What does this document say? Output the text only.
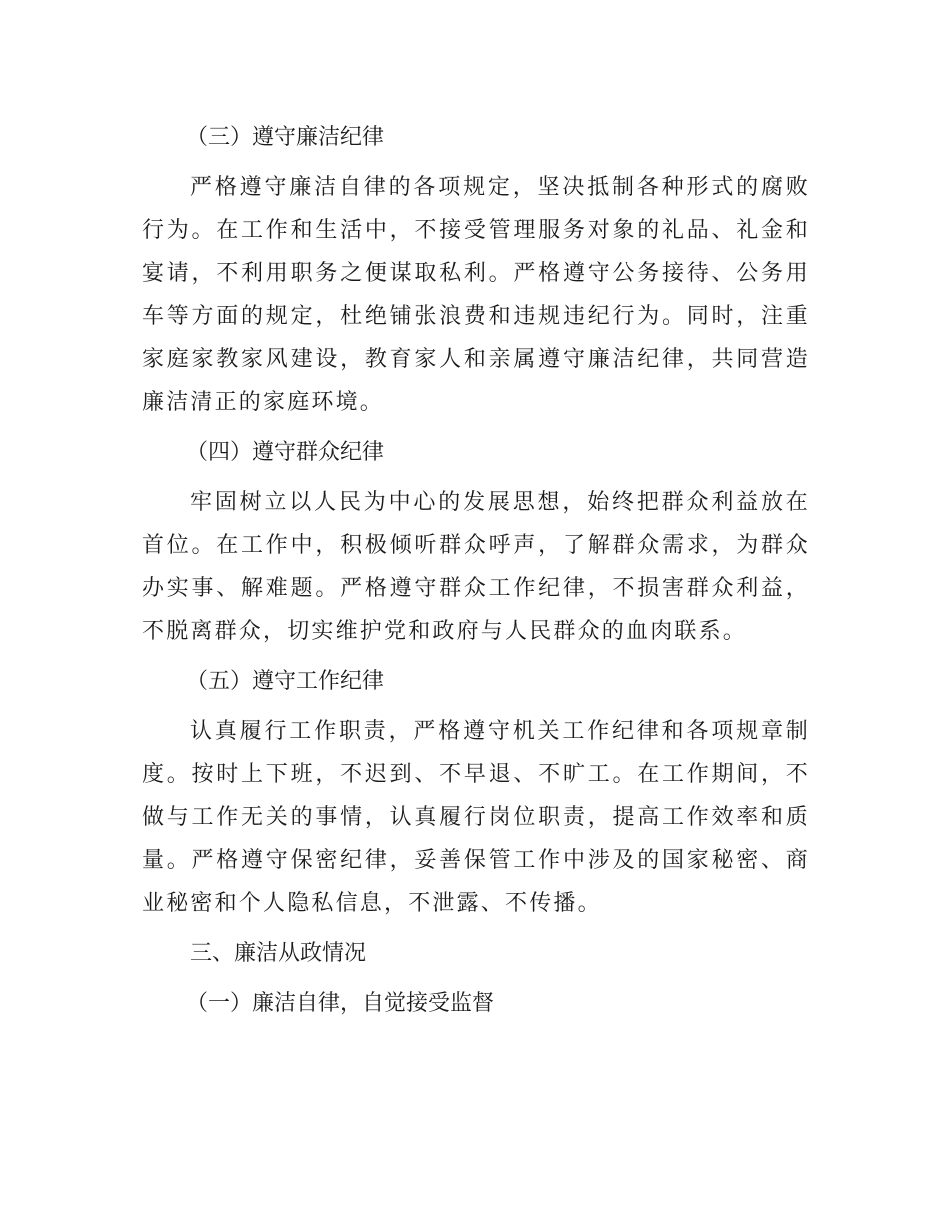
（三）遵守廉洁纪律

严格遵守廉洁自律的各项规定，坚决抵制各种形式的腐败行为。在工作和生活中，不接受管理服务对象的礼品、礼金和宴请，不利用职务之便谋取私利。严格遵守公务接待、公务用车等方面的规定，杜绝铺张浪费和违规违纪行为。同时，注重家庭家教家风建设，教育家人和亲属遵守廉洁纪律，共同营造廉洁清正的家庭环境。

（四）遵守群众纪律

牢固树立以人民为中心的发展思想，始终把群众利益放在首位。在工作中，积极倾听群众呼声，了解群众需求，为群众办实事、解难题。严格遵守群众工作纪律，不损害群众利益，不脱离群众，切实维护党和政府与人民群众的血肉联系。

（五）遵守工作纪律

认真履行工作职责，严格遵守机关工作纪律和各项规章制度。按时上下班，不迟到、不早退、不旷工。在工作期间，不做与工作无关的事情，认真履行岗位职责，提高工作效率和质量。严格遵守保密纪律，妥善保管工作中涉及的国家秘密、商业秘密和个人隐私信息，不泄露、不传播。

三、廉洁从政情况
（一）廉洁自律，自觉接受监督
